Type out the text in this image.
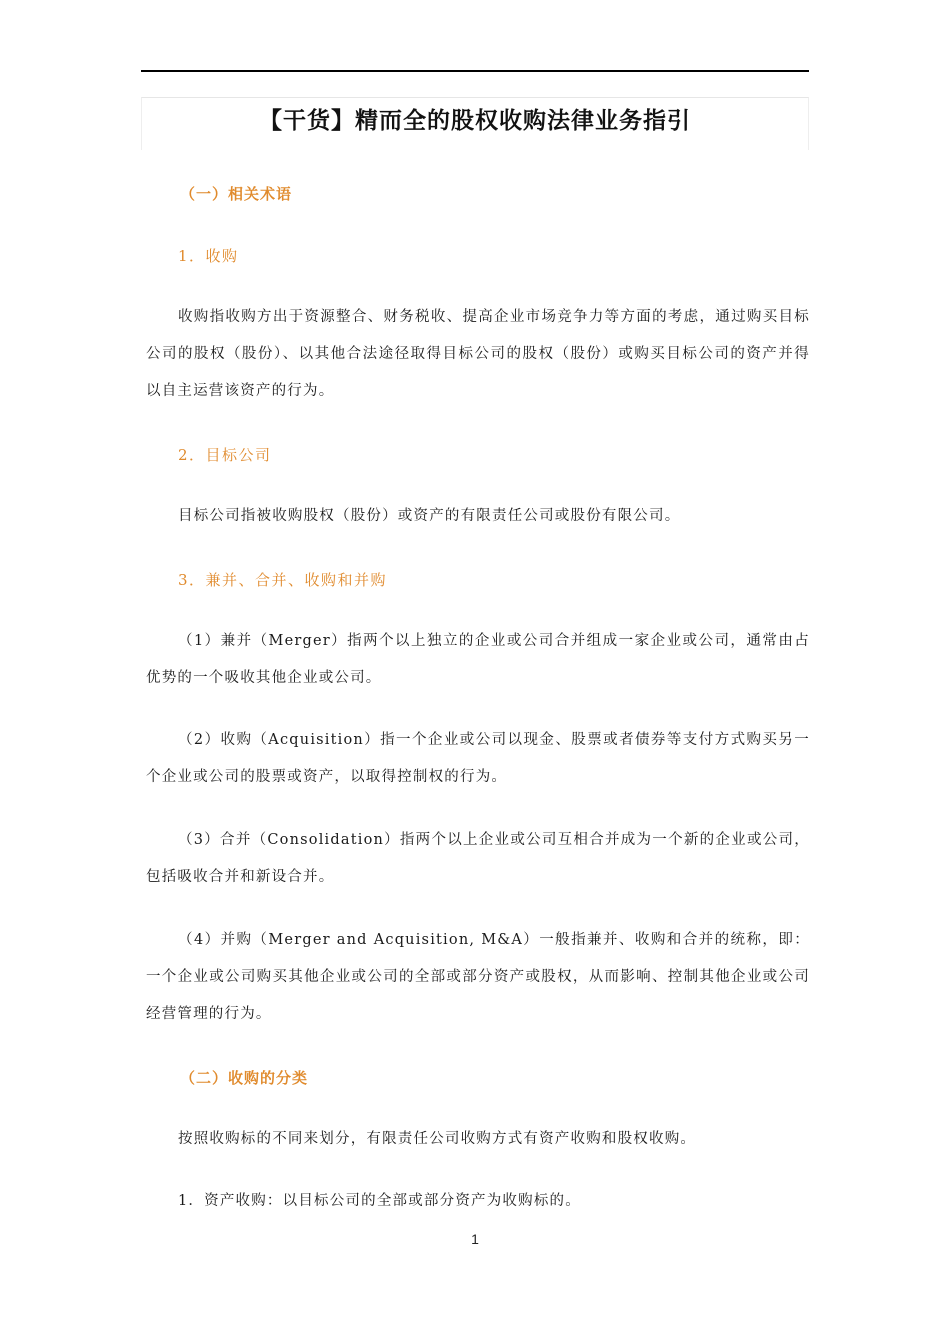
【干货】精而全的股权收购法律业务指引
（一）相关术语
1．收购

收购指收购方出于资源整合、财务税收、提高企业市场竞争力等方面的考虑，通过购买目标公司的股权（股份）、以其他合法途径取得目标公司的股权（股份）或购买目标公司的资产并得以自主运营该资产的行为。

2．目标公司

目标公司指被收购股权（股份）或资产的有限责任公司或股份有限公司。

3．兼并、合并、收购和并购

（1）兼并（Merger）指两个以上独立的企业或公司合并组成一家企业或公司，通常由占优势的一个吸收其他企业或公司。

（2）收购（Acquisition）指一个企业或公司以现金、股票或者债券等支付方式购买另一个企业或公司的股票或资产，以取得控制权的行为。

（3）合并（Consolidation）指两个以上企业或公司互相合并成为一个新的企业或公司，包括吸收合并和新设合并。

（4）并购（Merger and Acquisition, M&A）一般指兼并、收购和合并的统称，即：一个企业或公司购买其他企业或公司的全部或部分资产或股权，从而影响、控制其他企业或公司经营管理的行为。

（二）收购的分类

按照收购标的不同来划分，有限责任公司收购方式有资产收购和股权收购。

1．资产收购：以目标公司的全部或部分资产为收购标的。

1
